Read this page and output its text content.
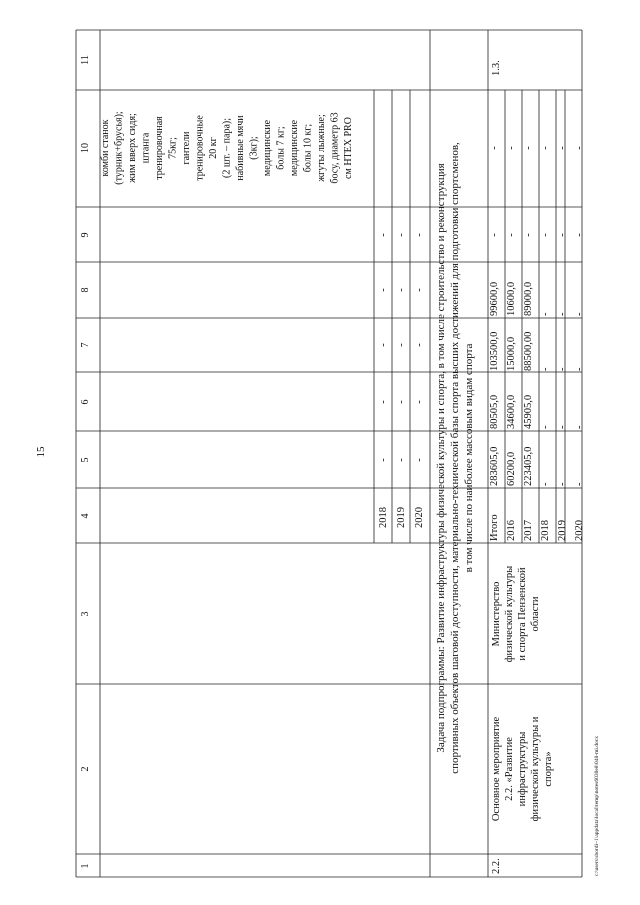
15
1
2
3
4
5
6
7
8
9
10
11
2018 2019 2020
-
-
-
-
-
-
-
-
-
-
-
-
-
-
-
комби станок (турник+брусья); жим вверх сидя; штанга тренировочная 75кг; гантели тренировочные 20 кг (2 шт. – пара); набивные мячи (3кг); медицинские болы 7 кг; медицинские болы 10 кг; жгуты лыжные; босу, диаметр 63 см HTEX PRO
Задача подпрограммы: Развитие инфраструктуры физической культуры и спорта, в том числе строительство и реконструкция спортивных объектов шаговой доступности, материально-технической базы спорта высших достижений для подготовки спортсменов, в том числе по наиболее массовым видам спорта
2.2.
Основное мероприятие 2.2. «Развитие инфраструктуры физической культуры и спорта»
Министерство физической культуры и спорта Пензенской области
1.3.
Итого
283605,0
80505,0
103500,0
99600,0
-
-
2016
60200,0
34600,0
15000,0
10600,0
-
-
2017
223405,0
45905,0
88500,00
89000,0
-
-
2018
-
-
-
-
-
-
2019
-
-
-
-
-
-
2020
-
-
-
-
-
-
c:\users\sbordi~1\appdata\local\temp\notes6030e8\048-mi.docx
